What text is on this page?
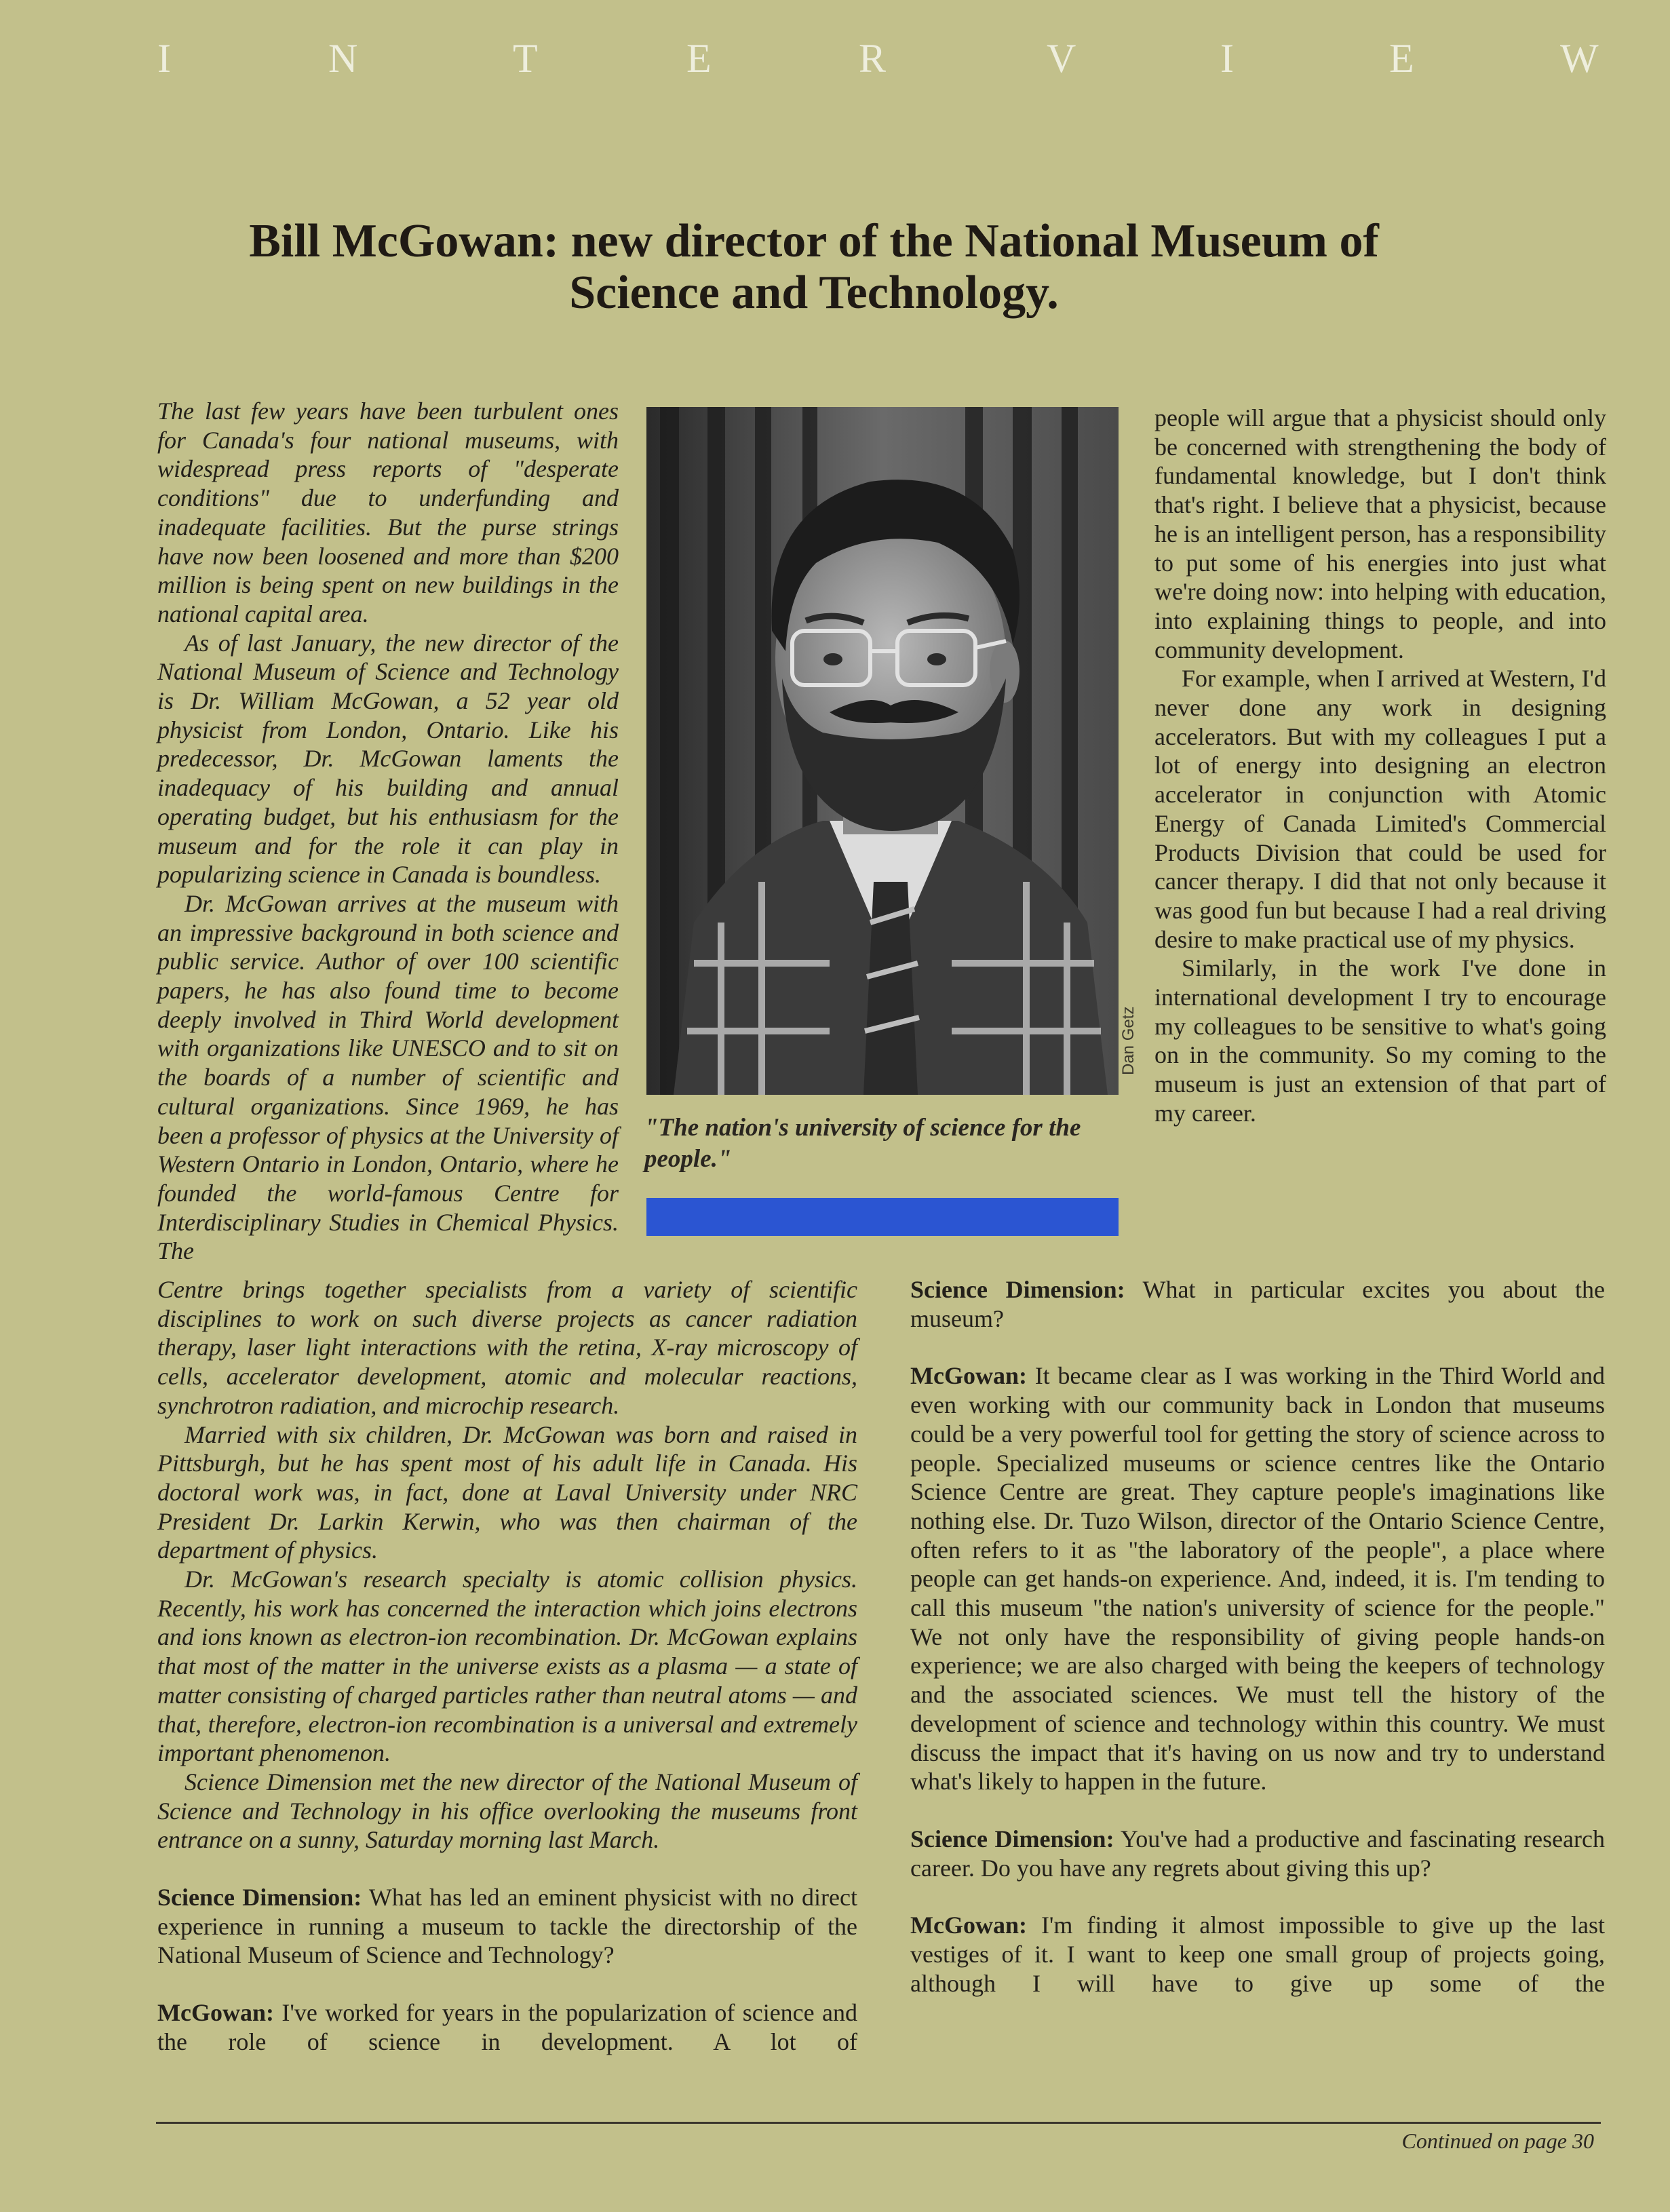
I	N	T	E	R	V	I	E	W
Bill McGowan: new director of the National Museum of Science and Technology.

The last few years have been turbulent ones for Canada's four national museums, with widespread press reports of "desperate conditions" due to underfunding and inadequate facilities. But the purse strings have now been loosened and more than $200 million is being spent on new buildings in the national capital area.

As of last January, the new director of the National Museum of Science and Technology is Dr. William McGowan, a 52 year old physicist from London, Ontario. Like his predecessor, Dr. McGowan laments the inadequacy of his building and annual operating budget, but his enthusiasm for the museum and for the role it can play in popularizing science in Canada is boundless.

Dr. McGowan arrives at the museum with an impressive background in both science and public service. Author of over 100 scientific papers, he has also found time to become deeply involved in Third World development with organizations like UNESCO and to sit on the boards of a number of scientific and cultural organizations. Since 1969, he has been a professor of physics at the University of Western Ontario in London, Ontario, where he founded the world-famous Centre for Interdisciplinary Studies in Chemical Physics. The

Dan Getz

"The nation's university of science for the people."

people will argue that a physicist should only be concerned with strengthening the body of fundamental knowledge, but I don't think that's right. I believe that a physicist, because he is an intelligent person, has a responsibility to put some of his energies into just what we're doing now: into helping with education, into explaining things to people, and into community development.

For example, when I arrived at Western, I'd never done any work in designing accelerators. But with my colleagues I put a lot of energy into designing an electron accelerator in conjunction with Atomic Energy of Canada Limited's Commercial Products Division that could be used for cancer therapy. I did that not only because it was good fun but because I had a real driving desire to make practical use of my physics.

Similarly, in the work I've done in international development I try to encourage my colleagues to be sensitive to what's going on in the community. So my coming to the museum is just an extension of that part of my career.

Centre brings together specialists from a variety of scientific disciplines to work on such diverse projects as cancer radiation therapy, laser light interactions with the retina, X-ray microscopy of cells, accelerator development, atomic and molecular reactions, synchrotron radiation, and microchip research.

Married with six children, Dr. McGowan was born and raised in Pittsburgh, but he has spent most of his adult life in Canada. His doctoral work was, in fact, done at Laval University under NRC President Dr. Larkin Kerwin, who was then chairman of the department of physics.

Dr. McGowan's research specialty is atomic collision physics. Recently, his work has concerned the interaction which joins electrons and ions known as electron-ion recombination. Dr. McGowan explains that most of the matter in the universe exists as a plasma — a state of matter consisting of charged particles rather than neutral atoms — and that, therefore, electron-ion recombination is a universal and extremely important phenomenon.

Science Dimension met the new director of the National Museum of Science and Technology in his office overlooking the museums front entrance on a sunny, Saturday morning last March.

Science Dimension: What has led an eminent physicist with no direct experience in running a museum to tackle the directorship of the National Museum of Science and Technology?

McGowan: I've worked for years in the popularization of science and the role of science in development. A lot of

Science Dimension: What in particular excites you about the museum?

McGowan: It became clear as I was working in the Third World and even working with our community back in London that museums could be a very powerful tool for getting the story of science across to people. Specialized museums or science centres like the Ontario Science Centre are great. They capture people's imaginations like nothing else. Dr. Tuzo Wilson, director of the Ontario Science Centre, often refers to it as "the laboratory of the people", a place where people can get hands-on experience. And, indeed, it is. I'm tending to call this museum "the nation's university of science for the people." We not only have the responsibility of giving people hands-on experience; we are also charged with being the keepers of technology and the associated sciences. We must tell the history of the development of science and technology within this country. We must discuss the impact that it's having on us now and try to understand what's likely to happen in the future.

Science Dimension: You've had a productive and fascinating research career. Do you have any regrets about giving this up?

McGowan: I'm finding it almost impossible to give up the last vestiges of it. I want to keep one small group of projects going, although I will have to give up some of the

Continued on page 30
